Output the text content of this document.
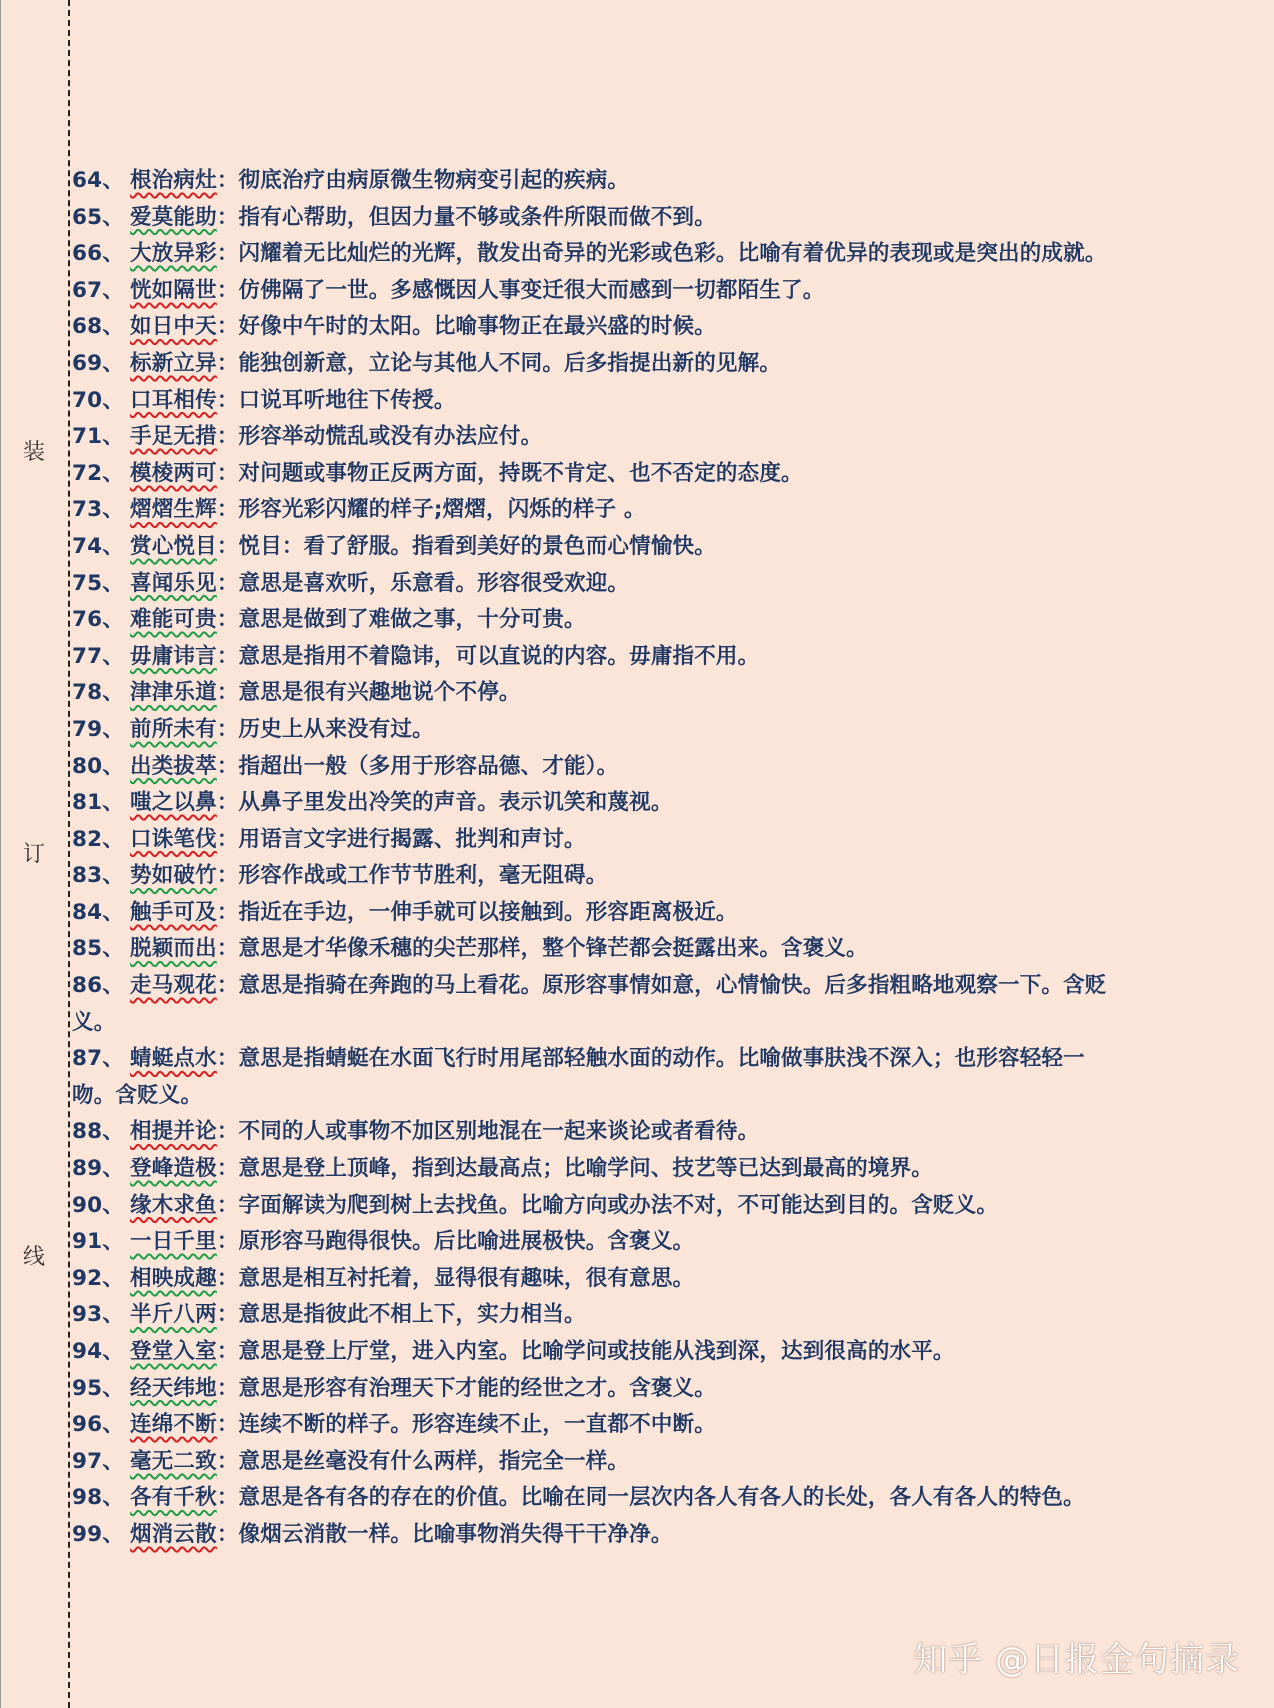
装
订
线

64、 根治病灶：彻底治疗由病原微生物病变引起的疾病。

65、 爱莫能助：指有心帮助，但因力量不够或条件所限而做不到。

66、 大放异彩：闪耀着无比灿烂的光辉，散发出奇异的光彩或色彩。比喻有着优异的表现或是突出的成就。

67、 恍如隔世：仿佛隔了一世。多感慨因人事变迁很大而感到一切都陌生了。

68、 如日中天：好像中午时的太阳。比喻事物正在最兴盛的时候。

69、 标新立异：能独创新意，立论与其他人不同。后多指提出新的见解。

70、 口耳相传：口说耳听地往下传授。

71、 手足无措：形容举动慌乱或没有办法应付。

72、 模棱两可：对问题或事物正反两方面，持既不肯定、也不否定的态度。

73、 熠熠生辉：形容光彩闪耀的样子;熠熠，闪烁的样子 。

74、 赏心悦目：悦目：看了舒服。指看到美好的景色而心情愉快。

75、 喜闻乐见：意思是喜欢听，乐意看。形容很受欢迎。

76、 难能可贵：意思是做到了难做之事，十分可贵。

77、 毋庸讳言：意思是指用不着隐讳，可以直说的内容。毋庸指不用。

78、 津津乐道：意思是很有兴趣地说个不停。

79、 前所未有：历史上从来没有过。

80、 出类拔萃：指超出一般（多用于形容品德、才能）。

81、 嗤之以鼻：从鼻子里发出冷笑的声音。表示讥笑和蔑视。

82、 口诛笔伐：用语言文字进行揭露、批判和声讨。

83、 势如破竹：形容作战或工作节节胜利，毫无阻碍。

84、 触手可及：指近在手边，一伸手就可以接触到。形容距离极近。

85、 脱颖而出：意思是才华像禾穗的尖芒那样，整个锋芒都会挺露出来。含褒义。

86、 走马观花：意思是指骑在奔跑的马上看花。原形容事情如意，心情愉快。后多指粗略地观察一下。含贬义。

87、 蜻蜓点水：意思是指蜻蜓在水面飞行时用尾部轻触水面的动作。比喻做事肤浅不深入；也形容轻轻一吻。含贬义。

88、 相提并论：不同的人或事物不加区别地混在一起来谈论或者看待。

89、 登峰造极：意思是登上顶峰，指到达最高点；比喻学问、技艺等已达到最高的境界。

90、 缘木求鱼：字面解读为爬到树上去找鱼。比喻方向或办法不对，不可能达到目的。含贬义。

91、 一日千里：原形容马跑得很快。后比喻进展极快。含褒义。

92、 相映成趣：意思是相互衬托着，显得很有趣味，很有意思。

93、 半斤八两：意思是指彼此不相上下，实力相当。

94、 登堂入室：意思是登上厅堂，进入内室。比喻学问或技能从浅到深，达到很高的水平。

95、 经天纬地：意思是形容有治理天下才能的经世之才。含褒义。

96、 连绵不断：连续不断的样子。形容连续不止，一直都不中断。

97、 毫无二致：意思是丝毫没有什么两样，指完全一样。

98、 各有千秋：意思是各有各的存在的价值。比喻在同一层次内各人有各人的长处，各人有各人的特色。

99、 烟消云散：像烟云消散一样。比喻事物消失得干干净净。

知乎 @日报金句摘录
